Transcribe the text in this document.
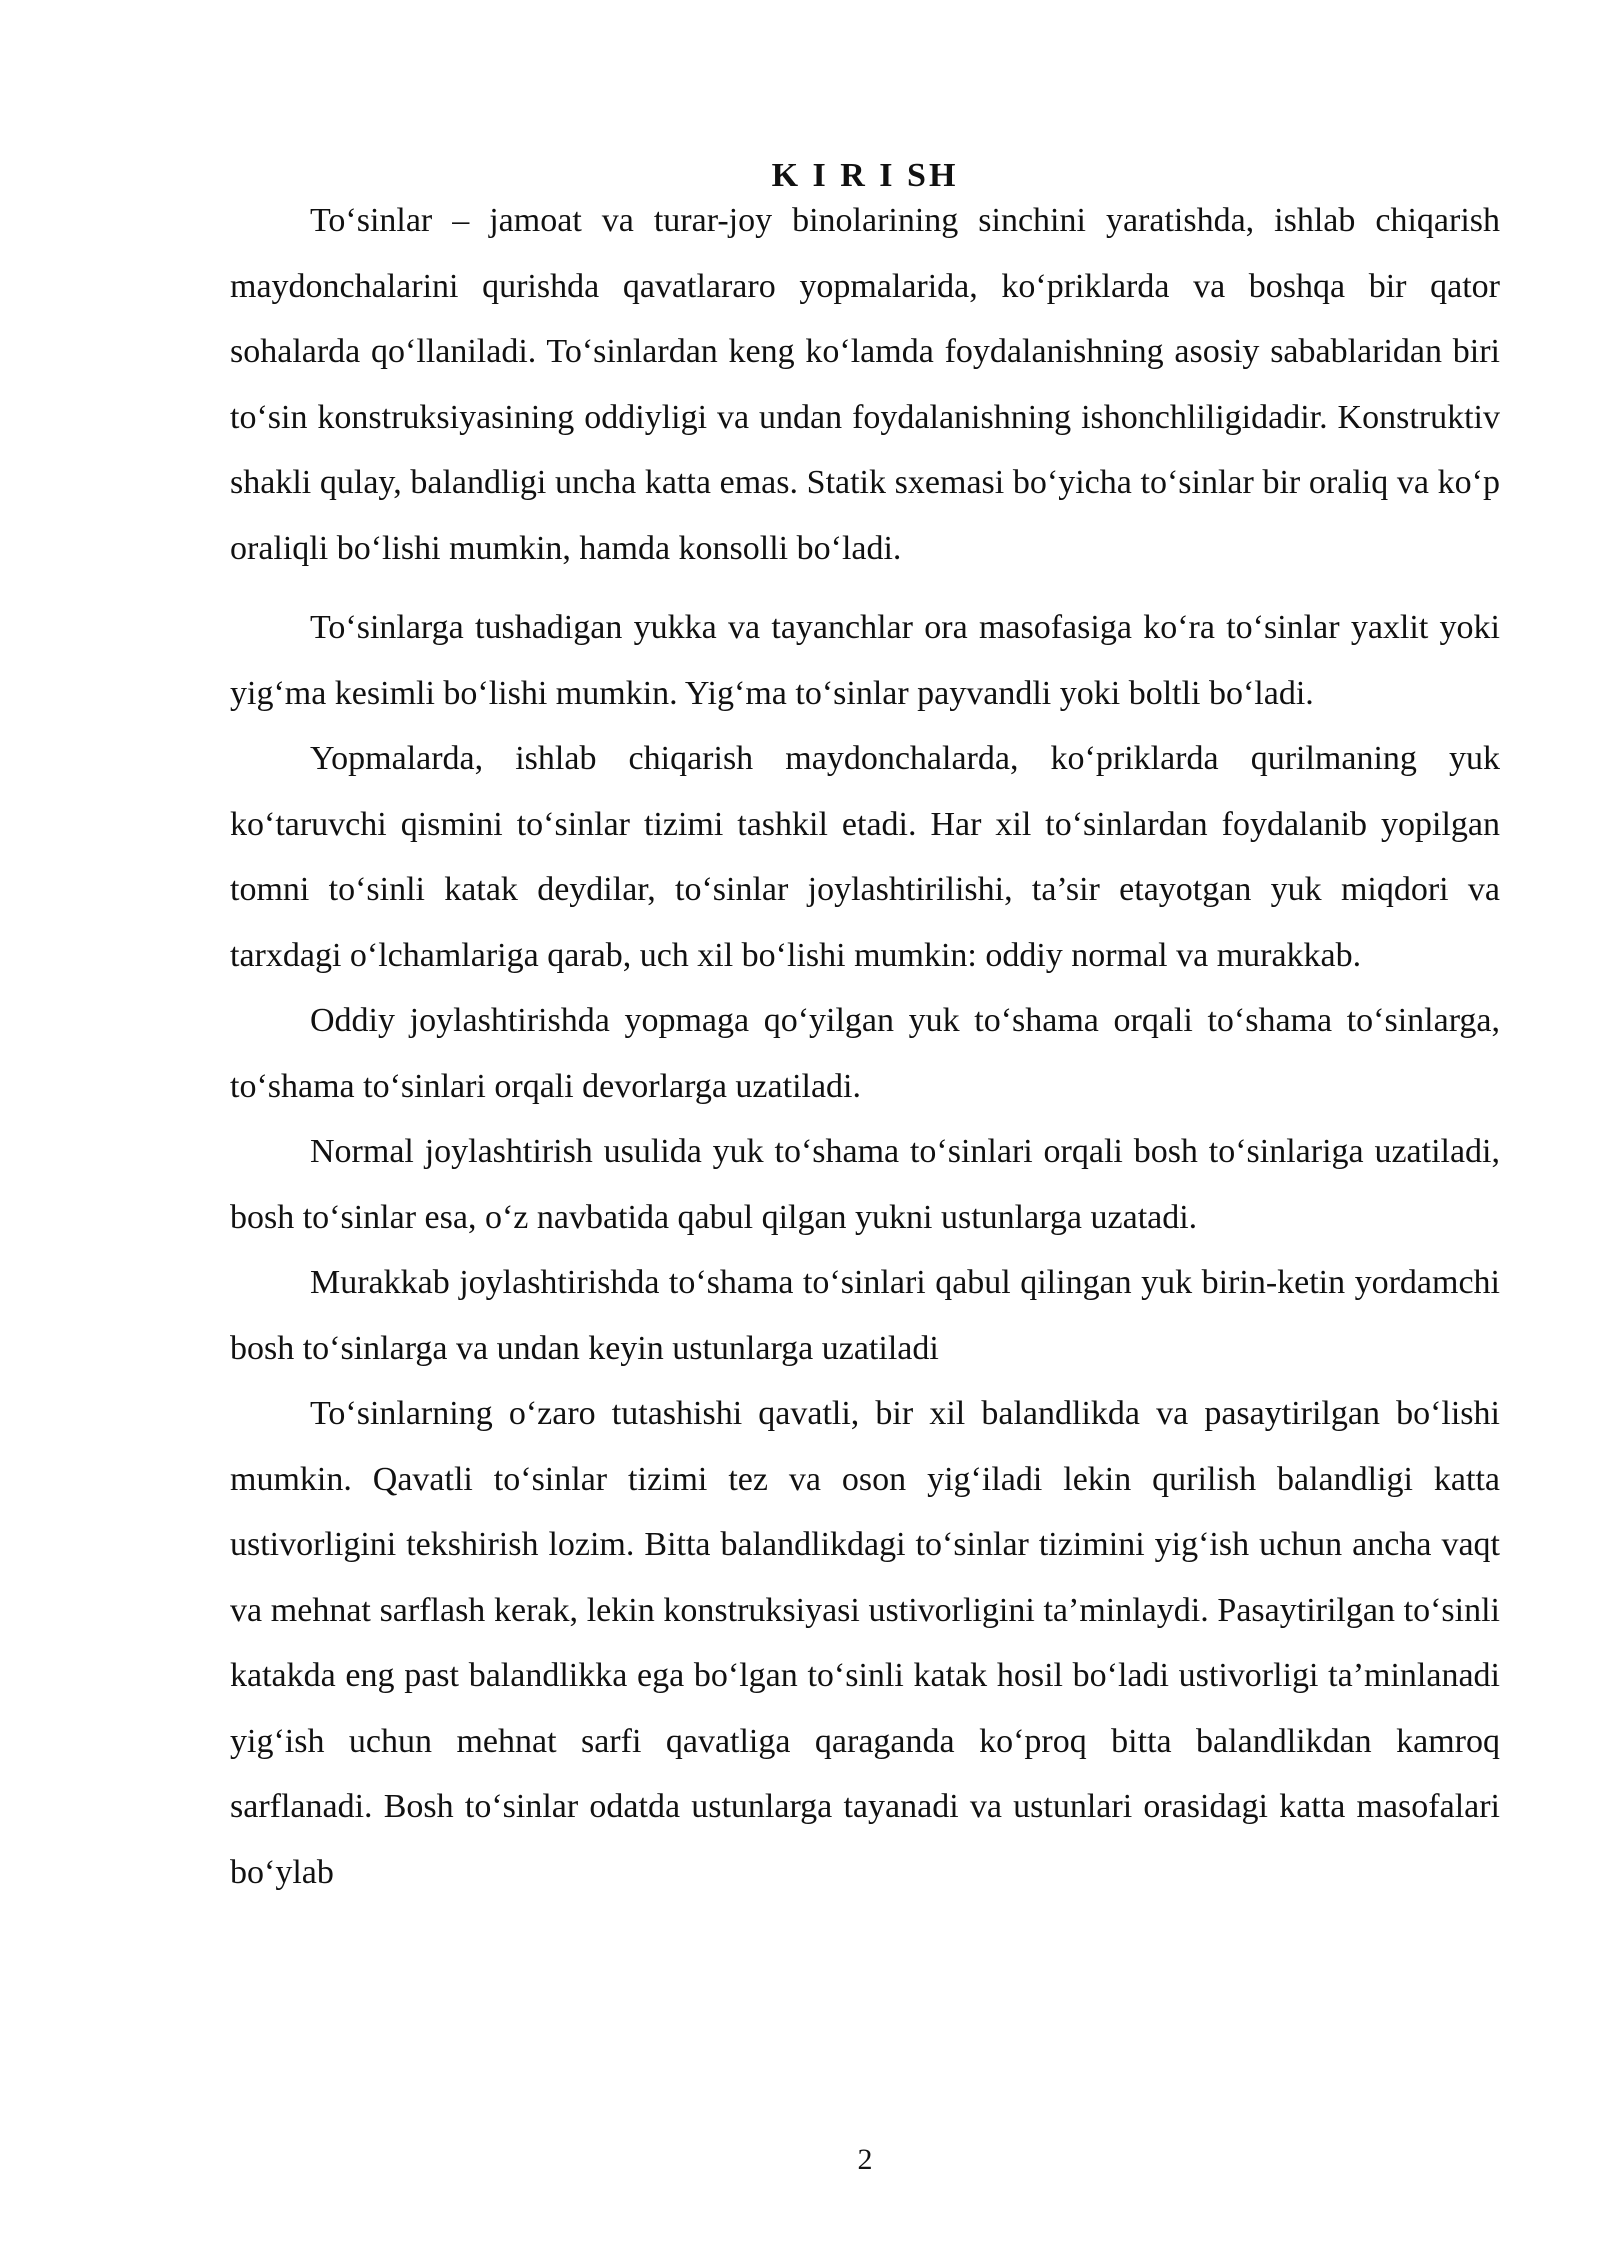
K I R I SH

To‘sinlar – jamoat va turar-joy binolarining sinchini yaratishda, ishlab chiqarish maydonchalarini qurishda qavatlararo yopmalarida, ko‘priklarda va boshqa bir qator sohalarda qo‘llaniladi. To‘sinlardan keng ko‘lamda foydalanishning asosiy sabablaridan biri to‘sin konstruksiyasining oddiyligi va undan foydalanishning ishonchliligidadir. Konstruktiv shakli qulay, balandligi uncha katta emas. Statik sxemasi bo‘yicha to‘sinlar bir oraliq va ko‘p oraliqli bo‘lishi mumkin, hamda konsolli bo‘ladi.

To‘sinlarga tushadigan yukka va tayanchlar ora masofasiga ko‘ra to‘sinlar yaxlit yoki yig‘ma kesimli bo‘lishi mumkin. Yig‘ma to‘sinlar payvandli yoki boltli bo‘ladi.

Yopmalarda, ishlab chiqarish maydonchalarda, ko‘priklarda qurilmaning yuk ko‘taruvchi qismini to‘sinlar tizimi tashkil etadi. Har xil to‘sinlardan foydalanib yopilgan tomni to‘sinli katak deydilar, to‘sinlar joylashtirilishi, ta’sir etayotgan yuk miqdori va tarxdagi o‘lchamlariga qarab, uch xil bo‘lishi mumkin: oddiy normal va murakkab.

Oddiy joylashtirishda yopmaga qo‘yilgan yuk to‘shama orqali to‘shama to‘sinlarga, to‘shama to‘sinlari orqali devorlarga uzatiladi.

Normal joylashtirish usulida yuk to‘shama to‘sinlari orqali bosh to‘sinlariga uzatiladi, bosh to‘sinlar esa, o‘z navbatida qabul qilgan yukni ustunlarga uzatadi.

Murakkab joylashtirishda to‘shama to‘sinlari qabul qilingan yuk birin-ketin yordamchi bosh to‘sinlarga va undan keyin ustunlarga uzatiladi

To‘sinlarning o‘zaro tutashishi qavatli, bir xil balandlikda va pasaytirilgan bo‘lishi mumkin. Qavatli to‘sinlar tizimi tez va oson yig‘iladi lekin qurilish balandligi katta ustivorligini tekshirish lozim. Bitta balandlikdagi to‘sinlar tizimini yig‘ish uchun ancha vaqt va mehnat sarflash kerak, lekin konstruksiyasi ustivorligini ta’minlaydi. Pasaytirilgan to‘sinli katakda eng past balandlikka ega bo‘lgan to‘sinli katak hosil bo‘ladi ustivorligi ta’minlanadi yig‘ish uchun mehnat sarfi qavatliga qaraganda ko‘proq bitta balandlikdan kamroq sarflanadi. Bosh to‘sinlar odatda ustunlarga tayanadi va ustunlari orasidagi katta masofalari bo‘ylab

2
